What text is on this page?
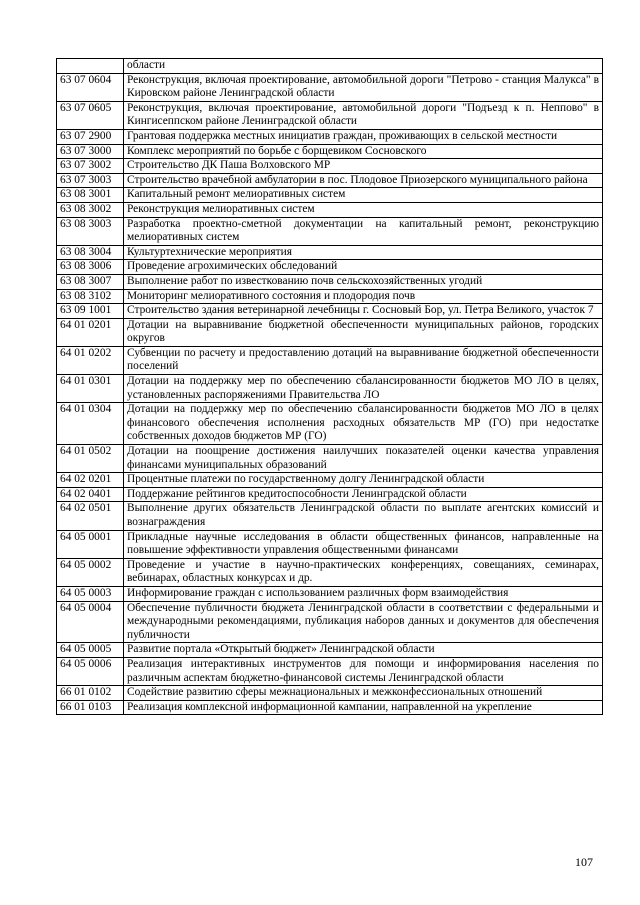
	области
63 07 0604	Реконструкция, включая проектирование, автомобильной дороги "Петрово - станция Малукса" в Кировском районе Ленинградской области
63 07 0605	Реконструкция, включая проектирование, автомобильной дороги "Подъезд к п. Неппово" в Кингисеппском районе Ленинградской области
63 07 2900	Грантовая поддержка местных инициатив граждан, проживающих в сельской местности
63 07 3000	Комплекс мероприятий по борьбе с борщевиком Сосновского
63 07 3002	Строительство ДК Паша Волховского МР
63 07 3003	Строительство врачебной амбулатории в пос. Плодовое Приозерского муниципального района
63 08 3001	Капитальный ремонт мелиоративных систем
63 08 3002	Реконструкция мелиоративных систем
63 08 3003	Разработка проектно-сметной документации на капитальный ремонт, реконструкцию мелиоративных систем
63 08 3004	Культуртехнические мероприятия
63 08 3006	Проведение агрохимических обследований
63 08 3007	Выполнение работ по известкованию почв сельскохозяйственных угодий
63 08 3102	Мониторинг мелиоративного состояния и плодородия почв
63 09 1001	Строительство здания ветеринарной лечебницы г. Сосновый Бор, ул. Петра Великого, участок 7
64 01 0201	Дотации на выравнивание бюджетной обеспеченности муниципальных районов, городских округов
64 01 0202	Субвенции по расчету и предоставлению дотаций на выравнивание бюджетной обеспеченности поселений
64 01 0301	Дотации на поддержку мер по обеспечению сбалансированности бюджетов МО ЛО в целях, установленных распоряжениями Правительства ЛО
64 01 0304	Дотации на поддержку мер по обеспечению сбалансированности бюджетов МО ЛО в целях финансового обеспечения исполнения расходных обязательств МР (ГО) при недостатке собственных доходов бюджетов МР (ГО)
64 01 0502	Дотации на поощрение достижения наилучших показателей оценки качества управления финансами муниципальных образований
64 02 0201	Процентные платежи по государственному долгу Ленинградской области
64 02 0401	Поддержание рейтингов кредитоспособности Ленинградской области
64 02 0501	Выполнение других обязательств Ленинградской области по выплате агентских комиссий и вознаграждения
64 05 0001	Прикладные научные исследования в области общественных финансов, направленные на повышение эффективности управления общественными финансами
64 05 0002	Проведение и участие в научно-практических конференциях, совещаниях, семинарах, вебинарах, областных конкурсах и др.
64 05 0003	Информирование граждан с использованием различных форм взаимодействия
64 05 0004	Обеспечение публичности бюджета Ленинградской области в соответствии с федеральными и международными рекомендациями, публикация наборов данных и документов для обеспечения публичности
64 05 0005	Развитие портала «Открытый бюджет» Ленинградской области
64 05 0006	Реализация интерактивных инструментов для помощи и информирования населения по различным аспектам бюджетно-финансовой системы Ленинградской области
66 01 0102	Содействие развитию сферы межнациональных и межконфессиональных отношений
66 01 0103	Реализация комплексной информационной кампании, направленной на укрепление
107
